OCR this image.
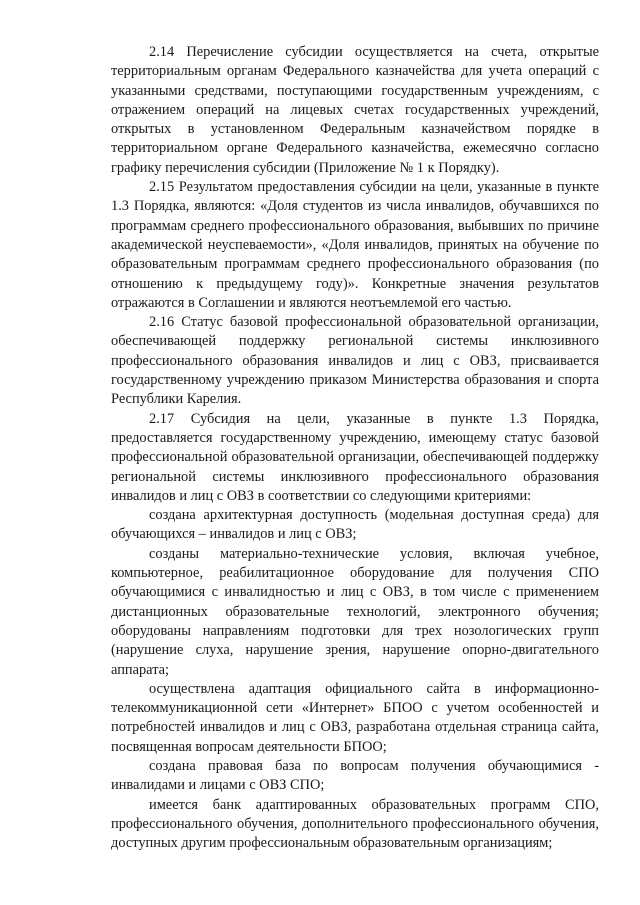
2.14 Перечисление субсидии осуществляется на счета, открытые территориальным органам Федерального казначейства для учета операций с указанными средствами, поступающими государственным учреждениям, с отражением операций на лицевых счетах государственных учреждений, открытых в установленном Федеральным казначейством порядке в территориальном органе Федерального казначейства, ежемесячно согласно графику перечисления субсидии (Приложение № 1 к Порядку).

2.15 Результатом предоставления субсидии на цели, указанные в пункте 1.3 Порядка, являются: «Доля студентов из числа инвалидов, обучавшихся по программам среднего профессионального образования, выбывших по причине академической неуспеваемости», «Доля инвалидов, принятых на обучение по образовательным программам среднего профессионального образования (по отношению к предыдущему году)». Конкретные значения результатов отражаются в Соглашении и являются неотъемлемой его частью.

2.16 Статус базовой профессиональной образовательной организации, обеспечивающей поддержку региональной системы инклюзивного профессионального образования инвалидов и лиц с ОВЗ, присваивается государственному учреждению приказом Министерства образования и спорта Республики Карелия.

2.17 Субсидия на цели, указанные в пункте 1.3 Порядка, предоставляется государственному учреждению, имеющему статус базовой профессиональной образовательной организации, обеспечивающей поддержку региональной системы инклюзивного профессионального образования инвалидов и лиц с ОВЗ в соответствии со следующими критериями:

создана архитектурная доступность (модельная доступная среда) для обучающихся – инвалидов и лиц с ОВЗ;

созданы материально-технические условия, включая учебное, компьютерное, реабилитационное оборудование для получения СПО обучающимися с инвалидностью и лиц с ОВЗ, в том числе с применением дистанционных образовательные технологий, электронного обучения; оборудованы направлениям подготовки для трех нозологических групп (нарушение слуха, нарушение зрения, нарушение опорно-двигательного аппарата;

осуществлена адаптация официального сайта в информационно-телекоммуникационной сети «Интернет» БПОО с учетом особенностей и потребностей инвалидов и лиц с ОВЗ, разработана отдельная страница сайта, посвященная вопросам деятельности БПОО;

создана правовая база по вопросам получения обучающимися - инвалидами и лицами с ОВЗ СПО;

имеется банк адаптированных образовательных программ СПО, профессионального обучения, дополнительного профессионального обучения, доступных другим профессиональным образовательным организациям;
